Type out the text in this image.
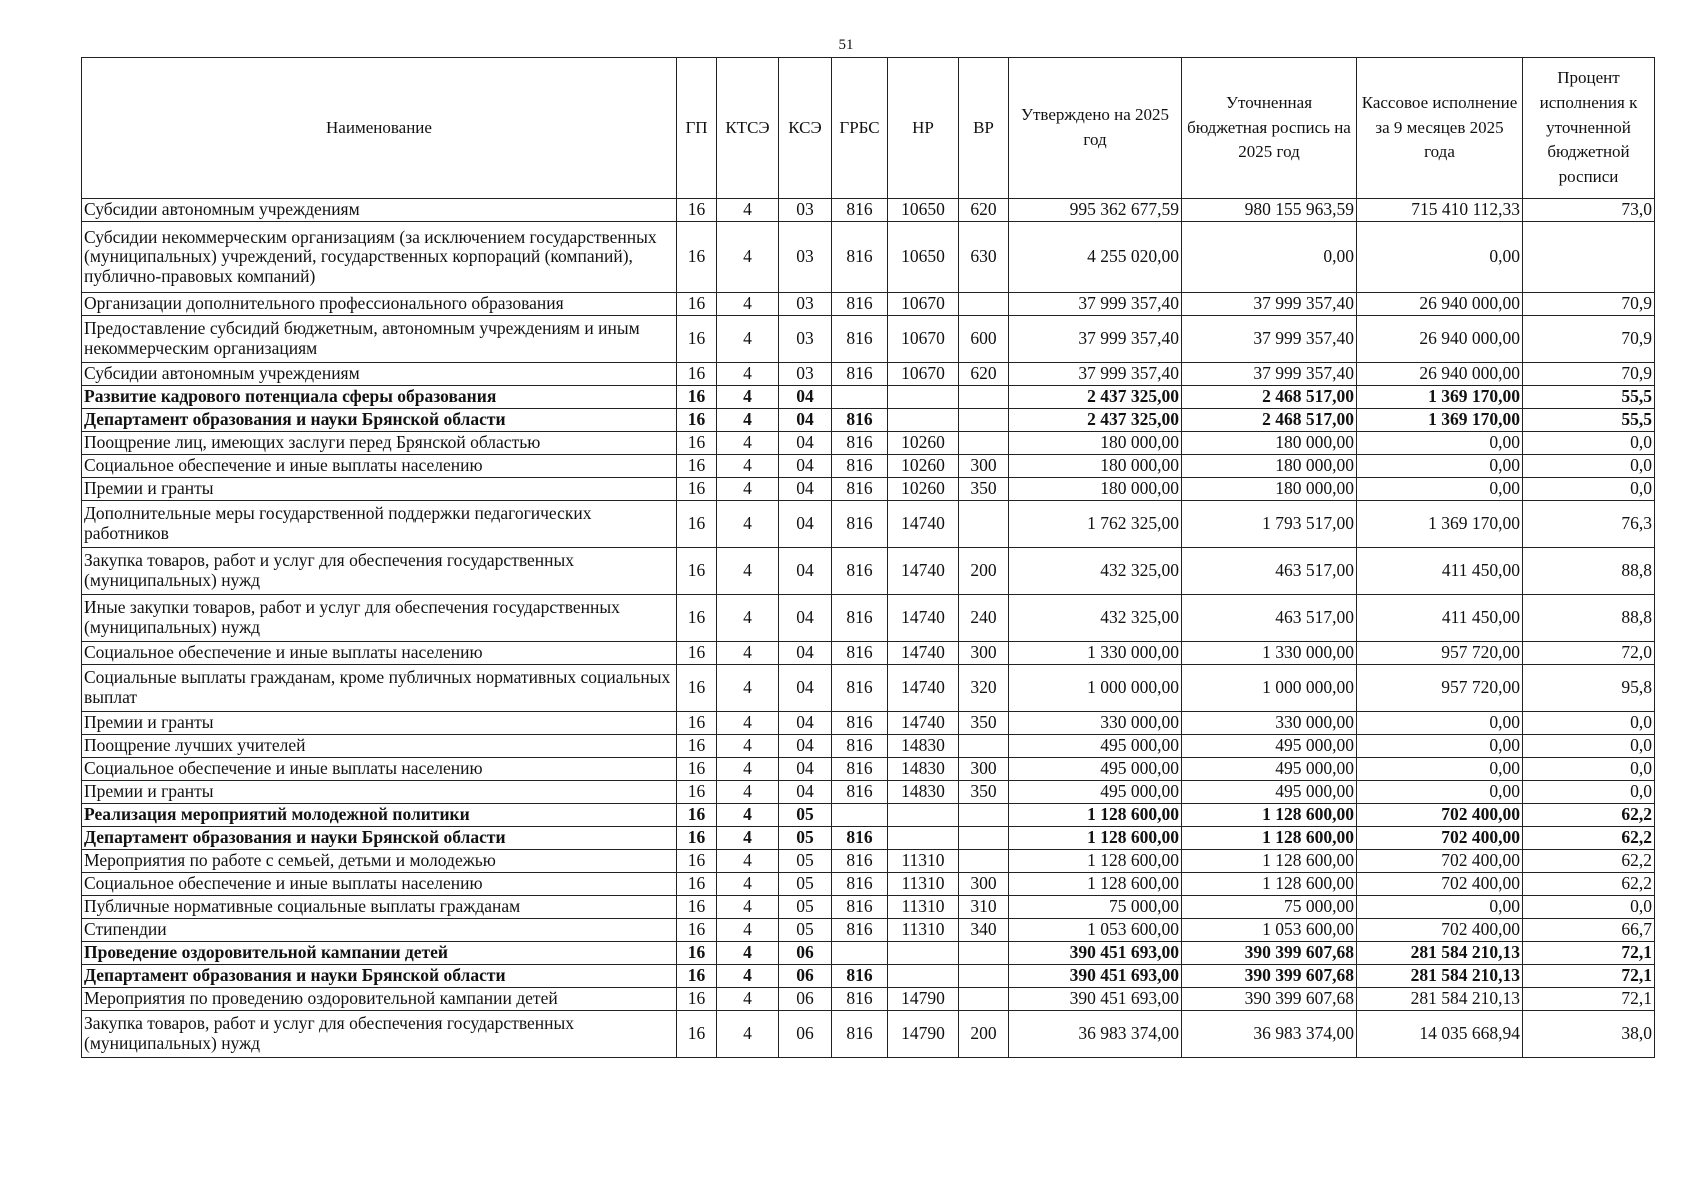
51
Наименование	ГП	КТСЭ	КСЭ	ГРБС	НР	ВР	Утверждено на 2025 год	Уточненная бюджетная роспись на 2025 год	Кассовое исполнение за 9 месяцев 2025 года	Процент исполнения к уточненной бюджетной росписи
Субсидии автономным учреждениям	16	4	03	816	10650	620	995 362 677,59	980 155 963,59	715 410 112,33	73,0
Субсидии некоммерческим организациям (за исключением государственных (муниципальных) учреждений, государственных корпораций (компаний), публично-правовых компаний)	16	4	03	816	10650	630	4 255 020,00	0,00	0,00	
Организации дополнительного профессионального образования	16	4	03	816	10670		37 999 357,40	37 999 357,40	26 940 000,00	70,9
Предоставление субсидий бюджетным, автономным учреждениям и иным некоммерческим организациям	16	4	03	816	10670	600	37 999 357,40	37 999 357,40	26 940 000,00	70,9
Субсидии автономным учреждениям	16	4	03	816	10670	620	37 999 357,40	37 999 357,40	26 940 000,00	70,9
Развитие кадрового потенциала сферы образования	16	4	04				2 437 325,00	2 468 517,00	1 369 170,00	55,5
Департамент образования и науки Брянской области	16	4	04	816			2 437 325,00	2 468 517,00	1 369 170,00	55,5
Поощрение лиц, имеющих заслуги перед Брянской областью	16	4	04	816	10260		180 000,00	180 000,00	0,00	0,0
Социальное обеспечение и иные выплаты населению	16	4	04	816	10260	300	180 000,00	180 000,00	0,00	0,0
Премии и гранты	16	4	04	816	10260	350	180 000,00	180 000,00	0,00	0,0
Дополнительные меры государственной поддержки педагогических работников	16	4	04	816	14740		1 762 325,00	1 793 517,00	1 369 170,00	76,3
Закупка товаров, работ и услуг для обеспечения государственных (муниципальных) нужд	16	4	04	816	14740	200	432 325,00	463 517,00	411 450,00	88,8
Иные закупки товаров, работ и услуг для обеспечения государственных (муниципальных) нужд	16	4	04	816	14740	240	432 325,00	463 517,00	411 450,00	88,8
Социальное обеспечение и иные выплаты населению	16	4	04	816	14740	300	1 330 000,00	1 330 000,00	957 720,00	72,0
Социальные выплаты гражданам, кроме публичных нормативных социальных выплат	16	4	04	816	14740	320	1 000 000,00	1 000 000,00	957 720,00	95,8
Премии и гранты	16	4	04	816	14740	350	330 000,00	330 000,00	0,00	0,0
Поощрение лучших учителей	16	4	04	816	14830		495 000,00	495 000,00	0,00	0,0
Социальное обеспечение и иные выплаты населению	16	4	04	816	14830	300	495 000,00	495 000,00	0,00	0,0
Премии и гранты	16	4	04	816	14830	350	495 000,00	495 000,00	0,00	0,0
Реализация мероприятий молодежной политики	16	4	05				1 128 600,00	1 128 600,00	702 400,00	62,2
Департамент образования и науки Брянской области	16	4	05	816			1 128 600,00	1 128 600,00	702 400,00	62,2
Мероприятия по работе с семьей, детьми и молодежью	16	4	05	816	11310		1 128 600,00	1 128 600,00	702 400,00	62,2
Социальное обеспечение и иные выплаты населению	16	4	05	816	11310	300	1 128 600,00	1 128 600,00	702 400,00	62,2
Публичные нормативные социальные выплаты гражданам	16	4	05	816	11310	310	75 000,00	75 000,00	0,00	0,0
Стипендии	16	4	05	816	11310	340	1 053 600,00	1 053 600,00	702 400,00	66,7
Проведение оздоровительной кампании детей	16	4	06				390 451 693,00	390 399 607,68	281 584 210,13	72,1
Департамент образования и науки Брянской области	16	4	06	816			390 451 693,00	390 399 607,68	281 584 210,13	72,1
Мероприятия по проведению оздоровительной кампании детей	16	4	06	816	14790		390 451 693,00	390 399 607,68	281 584 210,13	72,1
Закупка товаров, работ и услуг для обеспечения государственных (муниципальных) нужд	16	4	06	816	14790	200	36 983 374,00	36 983 374,00	14 035 668,94	38,0
